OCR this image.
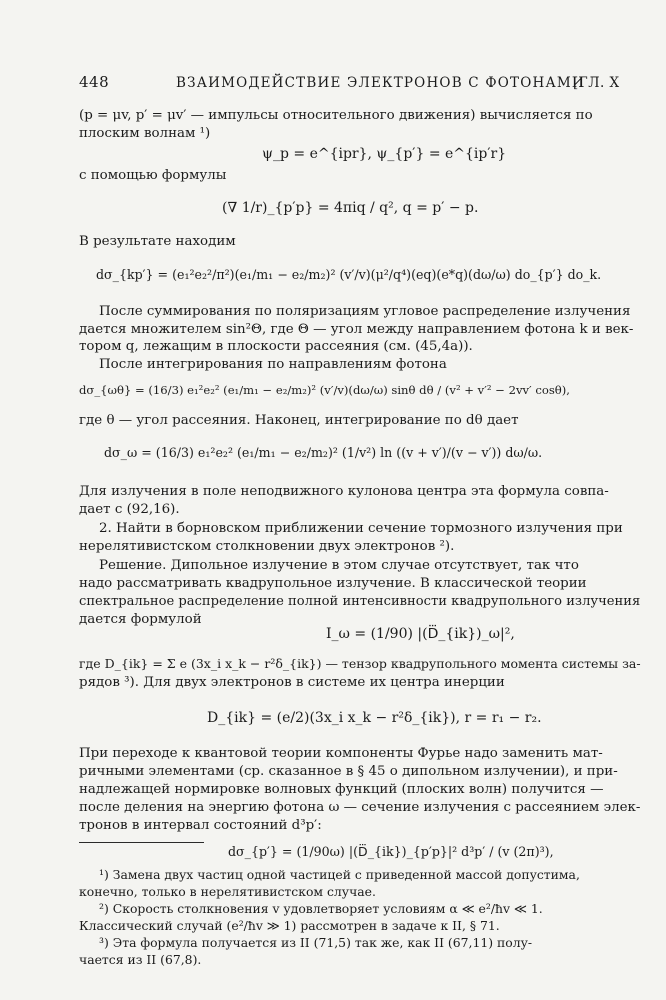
448	ВЗАИМОДЕЙСТВИЕ ЭЛЕКТРОНОВ С ФОТОНАМИ
[ГЛ. X
(p = μv, p′ = μv′ — импульсы относительного движения) вычисляется по
плоским волнам ¹)
ψ_p = e^{ipr}, ψ_{p′} = e^{ip′r}
с помощью формулы
(∇ 1/r)_{p′p} = 4πiq / q², q = p′ − p.
В результате находим
dσ_{kp′} = (e₁²e₂²/π²)(e₁/m₁ − e₂/m₂)² (v′/v)(μ²/q⁴)(eq)(e*q)(dω/ω) do_{p′} do_k.
После суммирования по поляризациям угловое распределение излучения
дается множителем sin²Θ, где Θ — угол между направлением фотона k и век-
тором q, лежащим в плоскости рассеяния (см. (45,4а)).
После интегрирования по направлениям фотона
dσ_{ωθ} = (16/3) e₁²e₂² (e₁/m₁ − e₂/m₂)² (v′/v)(dω/ω) sinθ dθ / (v² + v′² − 2vv′ cosθ),
где θ — угол рассеяния. Наконец, интегрирование по dθ дает
dσ_ω = (16/3) e₁²e₂² (e₁/m₁ − e₂/m₂)² (1/v²) ln ((v + v′)/(v − v′)) dω/ω.
Для излучения в поле неподвижного кулонова центра эта формула совпа-
дает с (92,16).
2. Найти в борновском приближении сечение тормозного излучения при
нерелятивистском столкновении двух электронов ²).
Решение. Дипольное излучение в этом случае отсутствует, так что
надо рассматривать квадрупольное излучение. В классической теории
спектральное распределение полной интенсивности квадрупольного излучения
дается формулой
I_ω = (1/90) |(D⃛_{ik})_ω|²,
где D_{ik} = Σ e (3x_i x_k − r²δ_{ik}) — тензор квадрупольного момента системы за-
рядов ³). Для двух электронов в системе их центра инерции
D_{ik} = (e/2)(3x_i x_k − r²δ_{ik}), r = r₁ − r₂.
При переходе к квантовой теории компоненты Фурье надо заменить мат-
ричными элементами (ср. сказанное в § 45 о дипольном излучении), и при-
надлежащей нормировке волновых функций (плоских волн) получится —
после деления на энергию фотона ω — сечение излучения с рассеянием элек-
тронов в интервал состояний d³p′:
dσ_{p′} = (1/90ω) |(D⃛_{ik})_{p′p}|² d³p′ / (v (2π)³),
¹) Замена двух частиц одной частицей с приведенной массой допустима,
конечно, только в нерелятивистском случае.
²) Скорость столкновения v удовлетворяет условиям α ≪ e²/ħv ≪ 1.
Классический случай (e²/ħv ≫ 1) рассмотрен в задаче к II, § 71.
³) Эта формула получается из II (71,5) так же, как II (67,11) полу-
чается из II (67,8).
